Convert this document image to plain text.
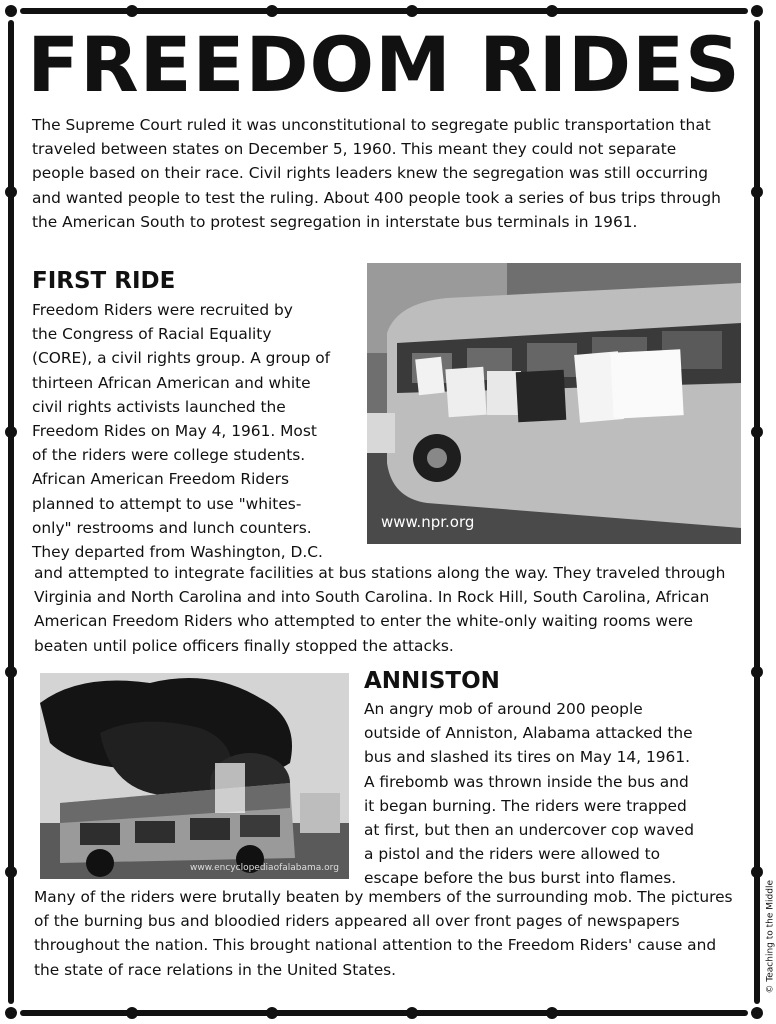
FREEDOM RIDES

The Supreme Court ruled it was unconstitutional to segregate public transportation that traveled between states on December 5, 1960. This meant they could not separate people based on their race. Civil rights leaders knew the segregation was still occurring and wanted people to test the ruling. About 400 people took a series of bus trips through the American South to protest segregation in interstate bus terminals in 1961.

FIRST RIDE
Freedom Riders were recruited by
the Congress of Racial Equality
(CORE), a civil rights group. A group of
thirteen African American and white
civil rights activists launched the
Freedom Rides on May 4, 1961. Most
of the riders were college students.
African American Freedom Riders
planned to attempt to use "whites-
only" restrooms and lunch counters.
They departed from Washington, D.C.
www.npr.org

and attempted to integrate facilities at bus stations along the way. They traveled through Virginia and North Carolina and into South Carolina. In Rock Hill, South Carolina, African American Freedom Riders who attempted to enter the white-only waiting rooms were beaten until police officers finally stopped the attacks.

www.encyclopediaofalabama.org
ANNISTON
An angry mob of around 200 people
outside of Anniston, Alabama attacked the
bus and slashed its tires on May 14, 1961.
A firebomb was thrown inside the bus and
it began burning. The riders were trapped
at first, but then an undercover cop waved
a pistol and the riders were allowed to
escape before the bus burst into flames.

Many of the riders were brutally beaten by members of the surrounding mob. The pictures of the burning bus and bloodied riders appeared all over front pages of newspapers throughout the nation. This brought national attention to the Freedom Riders' cause and the state of race relations in the United States.	© Teaching to the Middle
